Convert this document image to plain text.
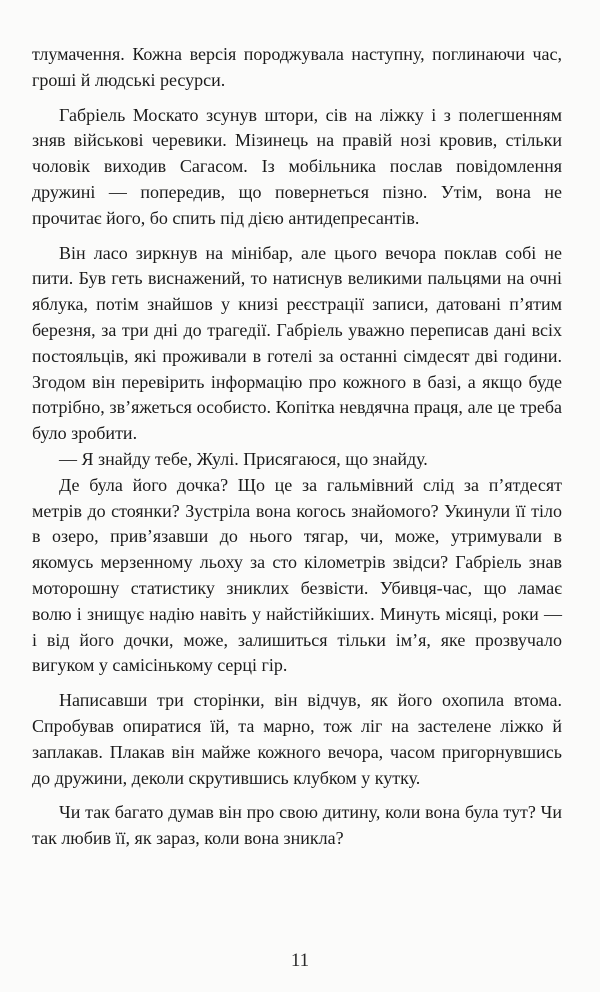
тлумачення. Кожна версія породжувала наступну, поглинаючи час, гроші й людські ресурси.

Габріель Москато зсунув штори, сів на ліжку і з полегшенням зняв військові черевики. Мізинець на правій нозі кровив, стільки чоловік виходив Сагасом. Із мобільника послав повідомлення дружині — попередив, що повернеться пізно. Утім, вона не прочитає його, бо спить під дією антидепресантів.

Він ласо зиркнув на мінібар, але цього вечора поклав собі не пити. Був геть виснажений, то натиснув великими пальцями на очні яблука, потім знайшов у книзі реєстрації записи, датовані п’ятим березня, за три дні до трагедії. Габріель уважно переписав дані всіх постояльців, які проживали в готелі за останні сімдесят дві години. Згодом він перевірить інформацію про кожного в базі, а якщо буде потрібно, зв’яжеться особисто. Копітка невдячна праця, але це треба було зробити.

— Я знайду тебе, Жулі. Присягаюся, що знайду.

Де була його дочка? Що це за гальмівний слід за п’ятдесят метрів до стоянки? Зустріла вона когось знайомого? Укинули її тіло в озеро, прив’язавши до нього тягар, чи, може, утримували в якомусь мерзенному льоху за сто кілометрів звідси? Габріель знав моторошну статистику зниклих безвісти. Убивця-час, що ламає волю і знищує надію навіть у найстійкіших. Минуть місяці, роки — і від його дочки, може, залишиться тільки ім’я, яке прозвучало вигуком у самісінькому серці гір.

Написавши три сторінки, він відчув, як його охопила втома. Спробував опиратися їй, та марно, тож ліг на застелене ліжко й заплакав. Плакав він майже кожного вечора, часом пригорнувшись до дружини, деколи скрутившись клубком у кутку.

Чи так багато думав він про свою дитину, коли вона була тут? Чи так любив її, як зараз, коли вона зникла?

11
